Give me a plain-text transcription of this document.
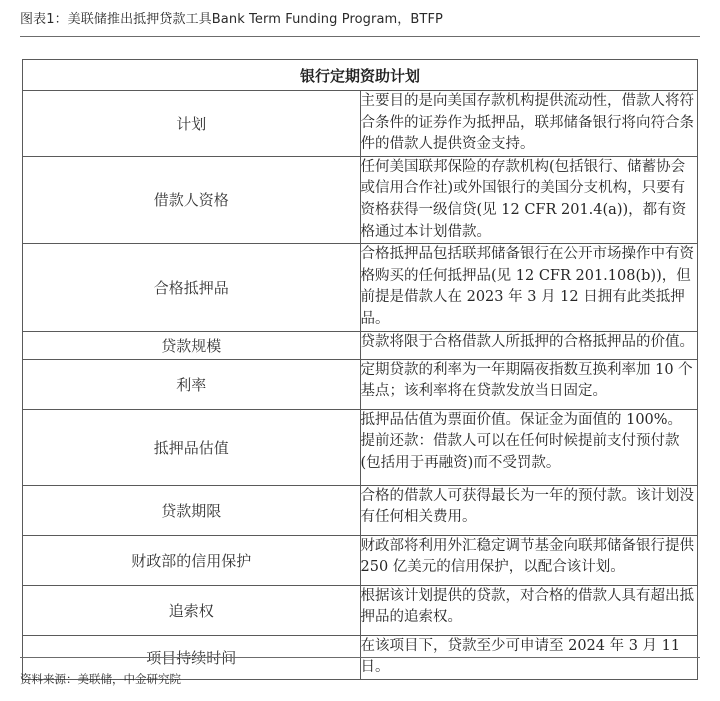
图表1：美联储推出抵押贷款工具Bank Term Funding Program，BTFP
银行定期资助计划	
计划	主要目的是向美国存款机构提供流动性，借款人将符合条件的证券作为抵押品，联邦储备银行将向符合条件的借款人提供资金支持。
借款人资格	任何美国联邦保险的存款机构(包括银行、储蓄协会或信用合作社)或外国银行的美国分支机构，只要有资格获得一级信贷(见 12 CFR 201.4(a))，都有资格通过本计划借款。
合格抵押品	合格抵押品包括联邦储备银行在公开市场操作中有资格购买的任何抵押品(见 12 CFR 201.108(b))，但前提是借款人在 2023 年 3 月 12 日拥有此类抵押品。
贷款规模	贷款将限于合格借款人所抵押的合格抵押品的价值。
利率	定期贷款的利率为一年期隔夜指数互换利率加 10 个基点；该利率将在贷款发放当日固定。
抵押品估值	抵押品估值为票面价值。保证金为面值的 100%。
提前还款：借款人可以在任何时候提前支付预付款(包括用于再融资)而不受罚款。

贷款期限	合格的借款人可获得最长为一年的预付款。该计划没有任何相关费用。
财政部的信用保护	财政部将利用外汇稳定调节基金向联邦储备银行提供 250 亿美元的信用保护，以配合该计划。
追索权	根据该计划提供的贷款，对合格的借款人具有超出抵押品的追索权。
项目持续时间	在该项目下，贷款至少可申请至 2024 年 3 月 11 日。
资料来源：美联储，中金研究院
